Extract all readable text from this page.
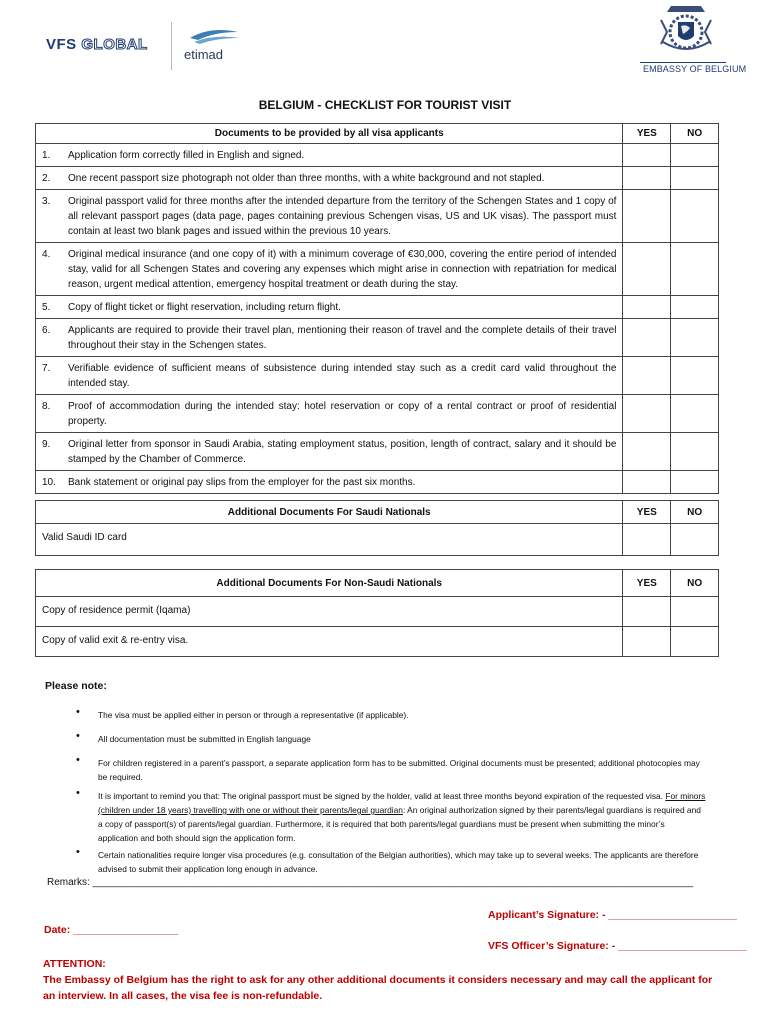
VFS GLOBAL
etimad
EMBASSY OF BELGIUM
BELGIUM - CHECKLIST FOR TOURIST VISIT
Documents to be provided by all visa applicants	YES	NO

1. Application form correctly filled in English and signed.		

2. One recent passport size photograph not older than three months, with a white background and not stapled.		

3. Original passport valid for three months after the intended departure from the territory of the Schengen States and 1 copy of all relevant passport pages (data page, pages containing previous Schengen visas, US and UK visas). The passport must contain at least two blank pages and issued within the previous 10 years.		

4. Original medical insurance (and one copy of it) with a minimum coverage of €30,000, covering the entire period of intended stay, valid for all Schengen States and covering any expenses which might arise in connection with repatriation for medical reason, urgent medical attention, emergency hospital treatment or death during the stay.		

5. Copy of flight ticket or flight reservation, including return flight.		

6. Applicants are required to provide their travel plan, mentioning their reason of travel and the complete details of their travel throughout their stay in the Schengen states.		

7. Verifiable evidence of sufficient means of subsistence during intended stay such as a credit card valid throughout the intended stay.		

8. Proof of accommodation during the intended stay: hotel reservation or copy of a rental contract or proof of residential property.		

9. Original letter from sponsor in Saudi Arabia, stating employment status, position, length of contract, salary and it should be stamped by the Chamber of Commerce.		

10. Bank statement or original pay slips from the employer for the past six months.		

Additional Documents For Saudi Nationals	YES	NO
Valid Saudi ID card		
Additional Documents For Non-Saudi Nationals	YES	NO
Copy of residence permit (Iqama)		
Copy of valid exit & re-entry visa.		
Please note:
• The visa must be applied either in person or through a representative (if applicable).
• All documentation must be submitted in English language
• For children registered in a parent’s passport, a separate application form has to be submitted. Original documents must be presented; additional photocopies may be required.
• It is important to remind you that: The original passport must be signed by the holder, valid at least three months beyond expiration of the requested visa. For minors (children under 18 years) travelling with one or without their parents/legal guardian: An original authorization signed by their parents/legal guardians is required and a copy of passport(s) of parents/legal guardian. Furthermore, it is required that both parents/legal guardians must be present when submitting the minor’s application and both should sign the application form.
• Certain nationalities require longer visa procedures (e.g. consultation of the Belgian authorities), which may take up to several weeks. The applicants are therefore advised to submit their application long enough in advance.
Remarks: ____________________________________________________________________________________________________________
Applicant’s Signature: - ______________________
Date: __________________
VFS Officer’s Signature: - ______________________
ATTENTION:
The Embassy of Belgium has the right to ask for any other additional documents it considers necessary and may call the applicant for an interview. In all cases, the visa fee is non-refundable.
